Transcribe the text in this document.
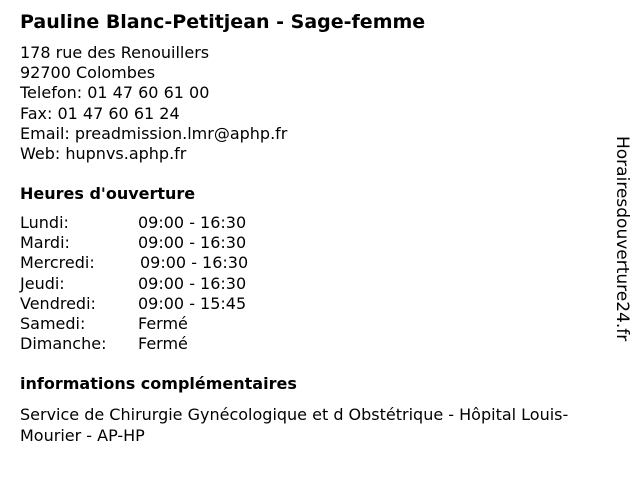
Pauline Blanc-Petitjean - Sage-femme
178 rue des Renouillers
92700 Colombes
Telefon: 01 47 60 61 00
Fax: 01 47 60 61 24
Email: preadmission.lmr@aphp.fr
Web: hupnvs.aphp.fr
Heures d'ouverture
Lundi:	09:00 - 16:30
Mardi:	09:00 - 16:30
Mercredi:	09:00 - 16:30
Jeudi:	09:00 - 16:30
Vendredi:	09:00 - 15:45
Samedi:	Fermé
Dimanche: Fermé
informations complémentaires
Service de Chirurgie Gynécologique et d Obstétrique - Hôpital Louis-Mourier - AP-HP
Horairesdouverture24.fr
